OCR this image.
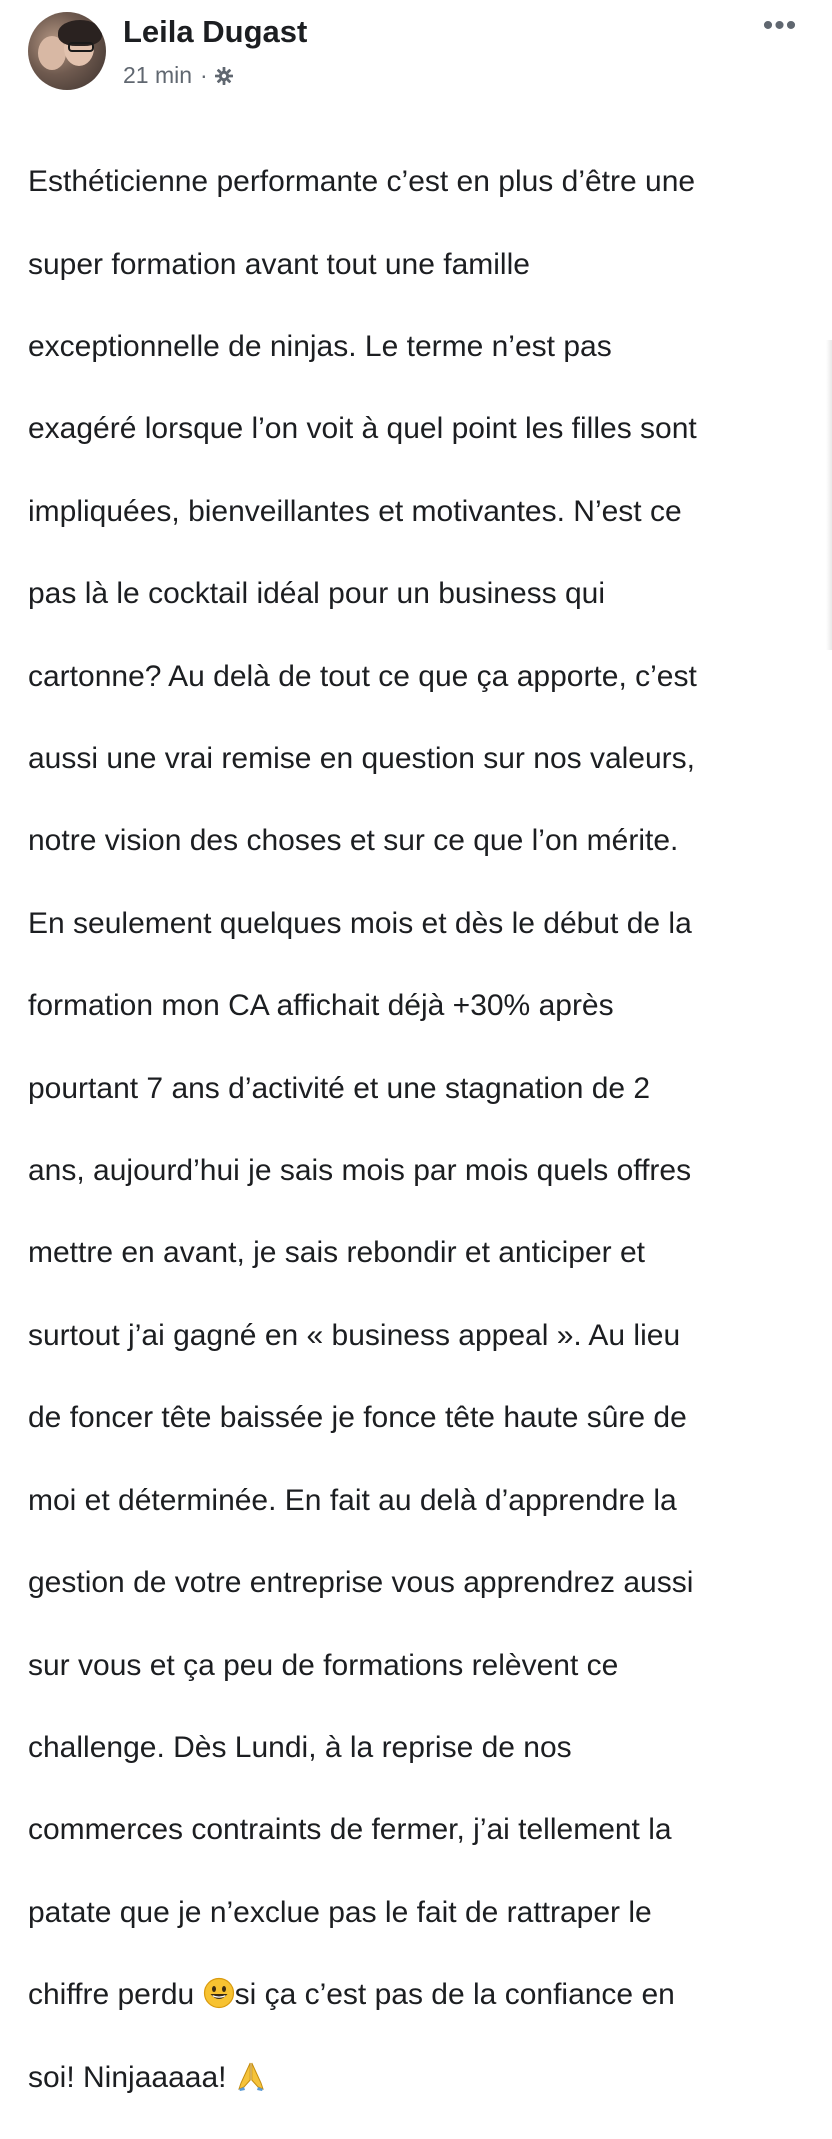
Leila Dugast
21 min ·
•••

Esthéticienne performante c’est en plus d’être une

super formation avant tout une famille

exceptionnelle de ninjas. Le terme n’est pas

exagéré lorsque l’on voit à quel point les filles sont

impliquées, bienveillantes et motivantes. N’est ce

pas là le cocktail idéal pour un business qui

cartonne? Au delà de tout ce que ça apporte, c’est

aussi une vrai remise en question sur nos valeurs,

notre vision des choses et sur ce que l’on mérite.

En seulement quelques mois et dès le début de la

formation mon CA affichait déjà +30% après

pourtant 7 ans d’activité et une stagnation de 2

ans, aujourd’hui je sais mois par mois quels offres

mettre en avant, je sais rebondir et anticiper et

surtout j’ai gagné en « business appeal ». Au lieu

de foncer tête baissée je fonce tête haute sûre de

moi et déterminée. En fait au delà d’apprendre la

gestion de votre entreprise vous apprendrez aussi

sur vous et ça peu de formations relèvent ce

challenge. Dès Lundi, à la reprise de nos

commerces contraints de fermer, j’ai tellement la

patate que je n’exclue pas le fait de rattraper le

chiffre perdu si ça c’est pas de la confiance en

soi! Ninjaaaaa!
